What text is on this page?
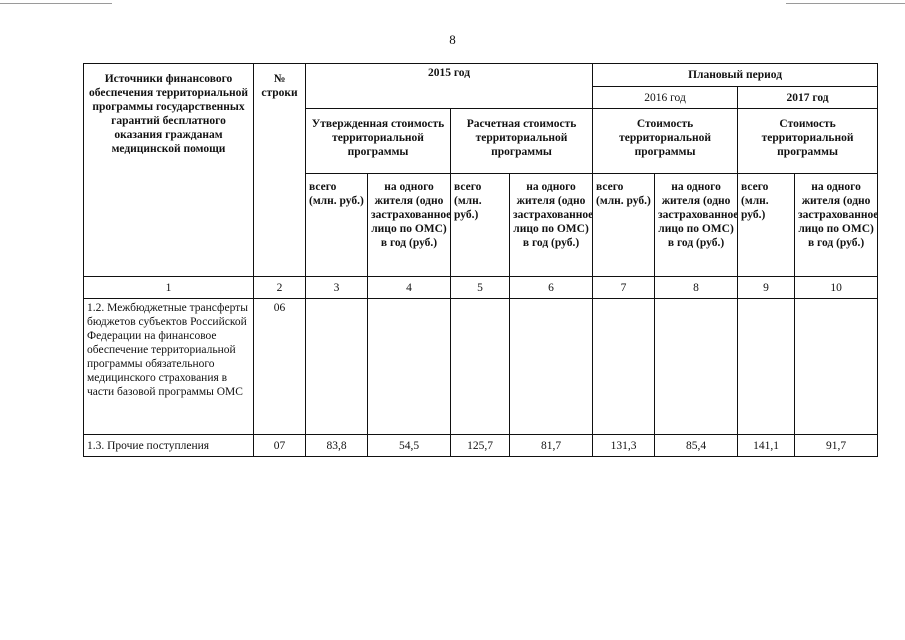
8
Источники финансового обеспечения территориальной программы государственных гарантий бесплатного оказания гражданам медицинской помощи	№ строки	2015 год				Плановый период			
						2016 год		2017 год	
		Утвержденная стоимость территориальной программы		Расчетная стоимость территориальной программы		Стоимость территориальной программы		Стоимость территориальной программы	
		всего (млн. руб.)	на одного жителя (одно застрахованное лицо по ОМС) в год (руб.)	всего (млн. руб.)	на одного жителя (одно застрахованное лицо по ОМС) в год (руб.)	всего (млн. руб.)	на одного жителя (одно застрахованное лицо по ОМС) в год (руб.)	всего (млн. руб.)	на одного жителя (одно застрахованное лицо по ОМС) в год (руб.)
1	2	3	4	5	6	7	8	9	10
1.2. Межбюджетные трансферты бюджетов субъектов Российской Федерации на финансовое обеспечение территориальной программы обязательного медицинского страхования в части базовой программы ОМС	06								
1.3. Прочие поступления	07	83,8	54,5	125,7	81,7	131,3	85,4	141,1	91,7
